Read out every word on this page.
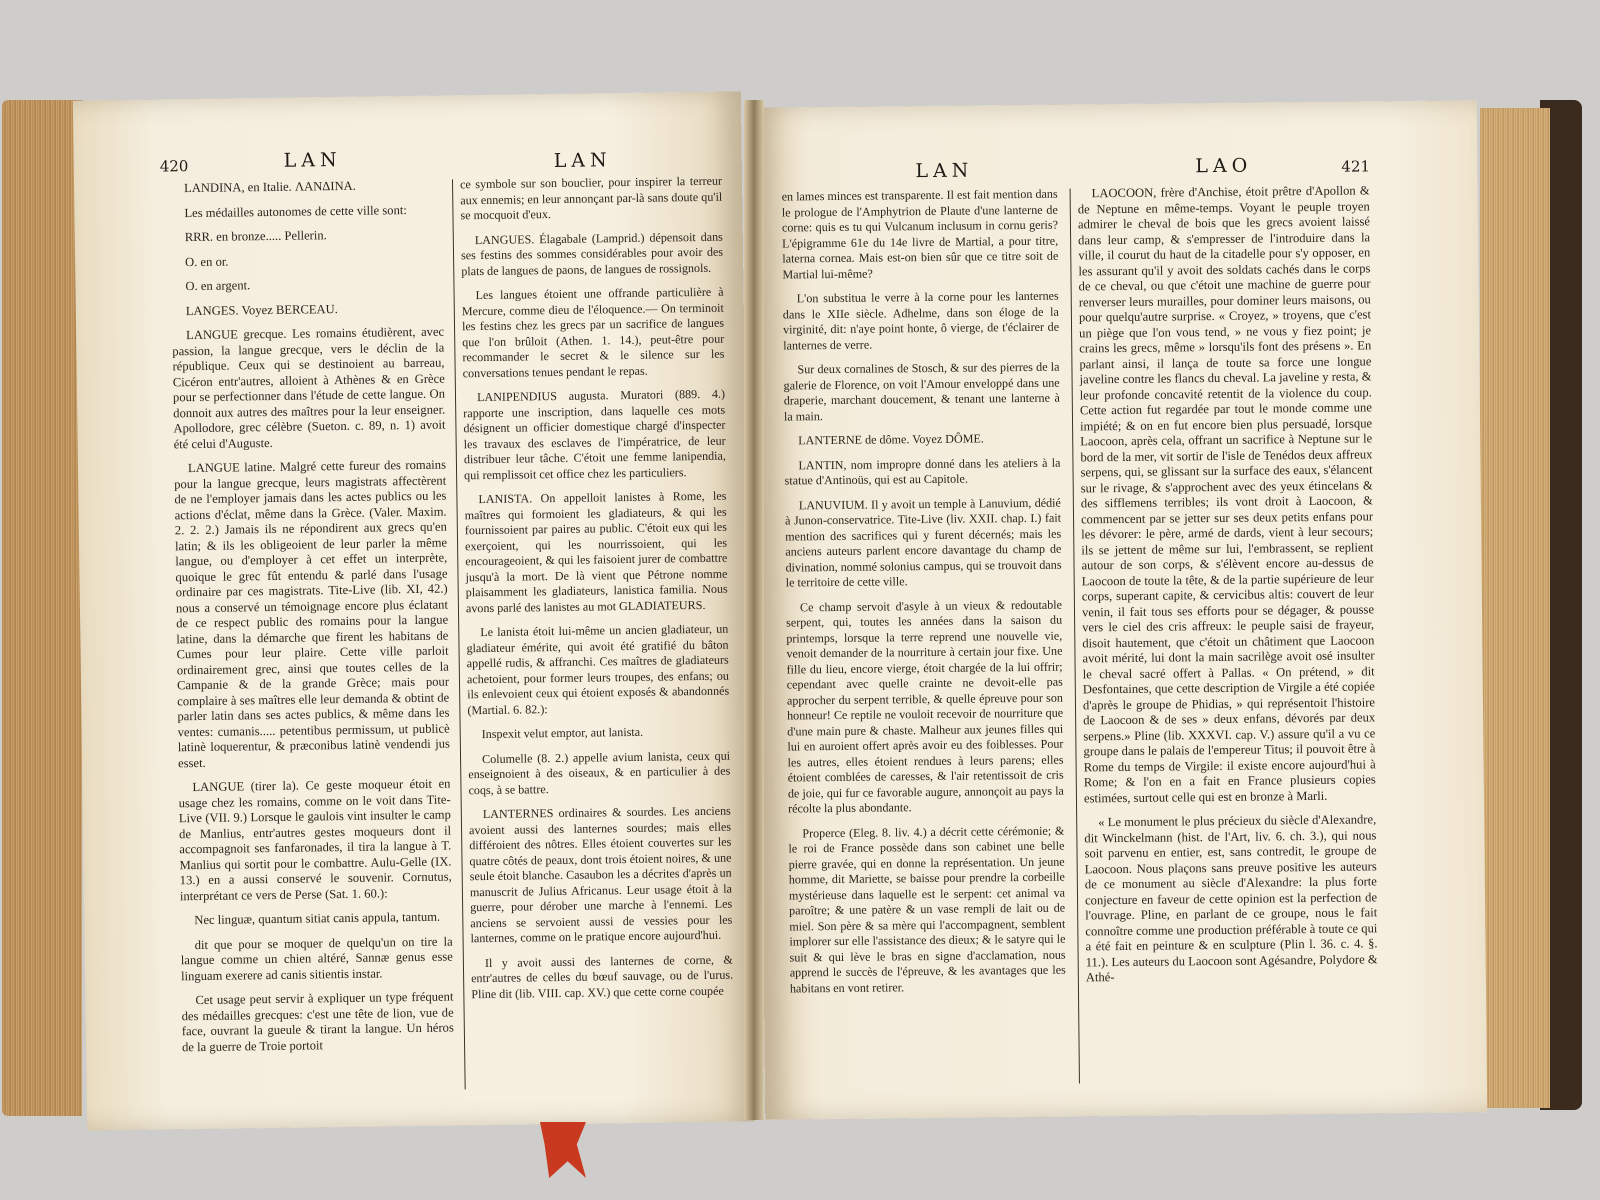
420	LAN	LAN

LANDINA, en Italie. ΛΑΝΔΙΝΑ.

Les médailles autonomes de cette ville sont:

RRR. en bronze..... Pellerin.

O. en or.

O. en argent.

LANGES. Voyez BERCEAU.

LANGUE grecque. Les romains étudièrent, avec passion, la langue grecque, vers le déclin de la république. Ceux qui se destinoient au barreau, Cicéron entr'autres, alloient à Athènes & en Grèce pour se perfectionner dans l'étude de cette langue. On donnoit aux autres des maîtres pour la leur enseigner. Apollodore, grec célèbre (Sueton. c. 89, n. 1) avoit été celui d'Auguste.

LANGUE latine. Malgré cette fureur des romains pour la langue grecque, leurs magistrats affectèrent de ne l'employer jamais dans les actes publics ou les actions d'éclat, même dans la Grèce. (Valer. Maxim. 2. 2. 2.) Jamais ils ne répondirent aux grecs qu'en latin; & ils les obligeoient de leur parler la même langue, ou d'employer à cet effet un interprète, quoique le grec fût entendu & parlé dans l'usage ordinaire par ces magistrats. Tite-Live (lib. XI, 42.) nous a conservé un témoignage encore plus éclatant de ce respect public des romains pour la langue latine, dans la démarche que firent les habitans de Cumes pour leur plaire. Cette ville parloit ordinairement grec, ainsi que toutes celles de la Campanie & de la grande Grèce; mais pour complaire à ses maîtres elle leur demanda & obtint de parler latin dans ses actes publics, & même dans les ventes: cumanis..... petentibus permissum, ut publicè latinè loquerentur, & præconibus latinè vendendi jus esset.

LANGUE (tirer la). Ce geste moqueur étoit en usage chez les romains, comme on le voit dans Tite-Live (VII. 9.) Lorsque le gaulois vint insulter le camp de Manlius, entr'autres gestes moqueurs dont il accompagnoit ses fanfaronades, il tira la langue à T. Manlius qui sortit pour le combattre. Aulu-Gelle (IX. 13.) en a aussi conservé le souvenir. Cornutus, interprétant ce vers de Perse (Sat. 1. 60.):

Nec linguæ, quantum sitiat canis appula, tantum.

dit que pour se moquer de quelqu'un on tire la langue comme un chien altéré, Sannæ genus esse linguam exerere ad canis sitientis instar.

Cet usage peut servir à expliquer un type fréquent des médailles grecques: c'est une tête de lion, vue de face, ouvrant la gueule & tirant la langue. Un héros de la guerre de Troie portoit

ce symbole sur son bouclier, pour inspirer la terreur aux ennemis; en leur annonçant par-là sans doute qu'il se mocquoit d'eux.

LANGUES. Élagabale (Lamprid.) dépensoit dans ses festins des sommes considérables pour avoir des plats de langues de paons, de langues de rossignols.

Les langues étoient une offrande particulière à Mercure, comme dieu de l'éloquence.— On terminoit les festins chez les grecs par un sacrifice de langues que l'on brûloit (Athen. 1. 14.), peut-être pour recommander le secret & le silence sur les conversations tenues pendant le repas.

LANIPENDIUS augusta. Muratori (889. 4.) rapporte une inscription, dans laquelle ces mots désignent un officier domestique chargé d'inspecter les travaux des esclaves de l'impératrice, de leur distribuer leur tâche. C'étoit une femme lanipendia, qui remplissoit cet office chez les particuliers.

LANISTA. On appelloit lanistes à Rome, les maîtres qui formoient les gladiateurs, & qui les fournissoient par paires au public. C'étoit eux qui les exerçoient, qui les nourrissoient, qui les encourageoient, & qui les faisoient jurer de combattre jusqu'à la mort. De là vient que Pétrone nomme plaisamment les gladiateurs, lanistica familia. Nous avons parlé des lanistes au mot GLADIATEURS.

Le lanista étoit lui-même un ancien gladiateur, un gladiateur émérite, qui avoit été gratifié du bâton appellé rudis, & affranchi. Ces maîtres de gladiateurs achetoient, pour former leurs troupes, des enfans; ou ils enlevoient ceux qui étoient exposés & abandonnés (Martial. 6. 82.):

Inspexit velut emptor, aut lanista.

Columelle (8. 2.) appelle avium lanista, ceux qui enseignoient à des oiseaux, & en particulier à des coqs, à se battre.

LANTERNES ordinaires & sourdes. Les anciens avoient aussi des lanternes sourdes; mais elles différoient des nôtres. Elles étoient couvertes sur les quatre côtés de peaux, dont trois étoient noires, & une seule étoit blanche. Casaubon les a décrites d'après un manuscrit de Julius Africanus. Leur usage étoit à la guerre, pour dérober une marche à l'ennemi. Les anciens se servoient aussi de vessies pour les lanternes, comme on le pratique encore aujourd'hui.

Il y avoit aussi des lanternes de corne, & entr'autres de celles du bœuf sauvage, ou de l'urus. Pline dit (lib. VIII. cap. XV.) que cette corne coupée

LAN	LAO	421

en lames minces est transparente. Il est fait mention dans le prologue de l'Amphytrion de Plaute d'une lanterne de corne: quis es tu qui Vulcanum inclusum in cornu geris? L'épigramme 61e du 14e livre de Martial, a pour titre, laterna cornea. Mais est-on bien sûr que ce titre soit de Martial lui-même?

L'on substitua le verre à la corne pour les lanternes dans le XIIe siècle. Adhelme, dans son éloge de la virginité, dit: n'aye point honte, ô vierge, de t'éclairer de lanternes de verre.

Sur deux cornalines de Stosch, & sur des pierres de la galerie de Florence, on voit l'Amour enveloppé dans une draperie, marchant doucement, & tenant une lanterne à la main.

LANTERNE de dôme. Voyez DÔME.

LANTIN, nom impropre donné dans les ateliers à la statue d'Antinoüs, qui est au Capitole.

LANUVIUM. Il y avoit un temple à Lanuvium, dédié à Junon-conservatrice. Tite-Live (liv. XXII. chap. I.) fait mention des sacrifices qui y furent décernés; mais les anciens auteurs parlent encore davantage du champ de divination, nommé solonius campus, qui se trouvoit dans le territoire de cette ville.

Ce champ servoit d'asyle à un vieux & redoutable serpent, qui, toutes les années dans la saison du printemps, lorsque la terre reprend une nouvelle vie, venoit demander de la nourriture à certain jour fixe. Une fille du lieu, encore vierge, étoit chargée de la lui offrir; cependant avec quelle crainte ne devoit-elle pas approcher du serpent terrible, & quelle épreuve pour son honneur! Ce reptile ne vouloit recevoir de nourriture que d'une main pure & chaste. Malheur aux jeunes filles qui lui en auroient offert après avoir eu des foiblesses. Pour les autres, elles étoient rendues à leurs parens; elles étoient comblées de caresses, & l'air retentissoit de cris de joie, qui fur ce favorable augure, annonçoit au pays la récolte la plus abondante.

Properce (Eleg. 8. liv. 4.) a décrit cette cérémonie; & le roi de France possède dans son cabinet une belle pierre gravée, qui en donne la représentation. Un jeune homme, dit Mariette, se baisse pour prendre la corbeille mystérieuse dans laquelle est le serpent: cet animal va paroître; & une patère & un vase rempli de lait ou de miel. Son père & sa mère qui l'accompagnent, semblent implorer sur elle l'assistance des dieux; & le satyre qui le suit & qui lève le bras en signe d'acclamation, nous apprend le succès de l'épreuve, & les avantages que les habitans en vont retirer.

LAOCOON, frère d'Anchise, étoit prêtre d'Apollon & de Neptune en même-temps. Voyant le peuple troyen admirer le cheval de bois que les grecs avoient laissé dans leur camp, & s'empresser de l'introduire dans la ville, il courut du haut de la citadelle pour s'y opposer, en les assurant qu'il y avoit des soldats cachés dans le corps de ce cheval, ou que c'étoit une machine de guerre pour renverser leurs murailles, pour dominer leurs maisons, ou pour quelqu'autre surprise. « Croyez, » troyens, que c'est un piège que l'on vous tend, » ne vous y fiez point; je crains les grecs, même » lorsqu'ils font des présens ». En parlant ainsi, il lança de toute sa force une longue javeline contre les flancs du cheval. La javeline y resta, & leur profonde concavité retentit de la violence du coup. Cette action fut regardée par tout le monde comme une impiété; & on en fut encore bien plus persuadé, lorsque Laocoon, après cela, offrant un sacrifice à Neptune sur le bord de la mer, vit sortir de l'isle de Tenédos deux affreux serpens, qui, se glissant sur la surface des eaux, s'élancent sur le rivage, & s'approchent avec des yeux étincelans & des sifflemens terribles; ils vont droit à Laocoon, & commencent par se jetter sur ses deux petits enfans pour les dévorer: le père, armé de dards, vient à leur secours; ils se jettent de même sur lui, l'embrassent, se replient autour de son corps, & s'élèvent encore au-dessus de Laocoon de toute la tête, & de la partie supérieure de leur corps, superant capite, & cervicibus altis: couvert de leur venin, il fait tous ses efforts pour se dégager, & pousse vers le ciel des cris affreux: le peuple saisi de frayeur, disoit hautement, que c'étoit un châtiment que Laocoon avoit mérité, lui dont la main sacrilège avoit osé insulter le cheval sacré offert à Pallas. « On prétend, » dit Desfontaines, que cette description de Virgile a été copiée d'après le groupe de Phidias, » qui représentoit l'histoire de Laocoon & de ses » deux enfans, dévorés par deux serpens.» Pline (lib. XXXVI. cap. V.) assure qu'il a vu ce groupe dans le palais de l'empereur Titus; il pouvoit être à Rome du temps de Virgile: il existe encore aujourd'hui à Rome; & l'on en a fait en France plusieurs copies estimées, surtout celle qui est en bronze à Marli.

« Le monument le plus précieux du siècle d'Alexandre, dit Winckelmann (hist. de l'Art, liv. 6. ch. 3.), qui nous soit parvenu en entier, est, sans contredit, le groupe de Laocoon. Nous plaçons sans preuve positive les auteurs de ce monument au siècle d'Alexandre: la plus forte conjecture en faveur de cette opinion est la perfection de l'ouvrage. Pline, en parlant de ce groupe, nous le fait connoître comme une production préférable à toute ce qui a été fait en peinture & en sculpture (Plin l. 36. c. 4. §. 11.). Les auteurs du Laocoon sont Agésandre, Polydore & Athé-
